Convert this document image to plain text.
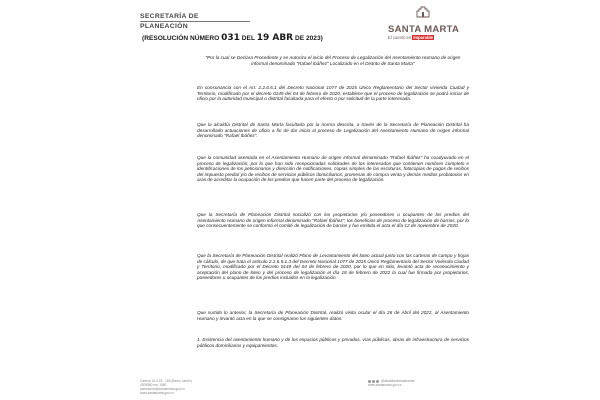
SECRETARÍA DE
PLANEACIÓN	SANTA MARTA
El cuento es Imparable
(RESOLUCIÓN NÚMERO 031 DEL 19 ABR DE 2023)

"Por la cual se Declara Procedente y se Autoriza el inicio del Proceso de Legalización del Asentamiento Humano de origen informal denominado "Rafael Ibáñez" Localizado en el Distrito de Santa Marta"

En consonancia con el Art. 2.2.6.5.1 del Decreto Nacional 1077 de 2015 Único Reglamentario del Sector vivienda Ciudad y Territorio, modificado por el decreto 0149 del 04 de febrero de 2020, establece que el proceso de legalización se podrá iniciar de oficio por la autoridad municipal o distrital facultada para el efecto o por solicitud de la parte interesada.

Que la alcaldía Distrital de Santa Marta facultada por la norma descrita, a través de la Secretaría de Planeación Distrital ha desarrollado actuaciones de oficio a fin de dar inicio al proceso de Legalización del Asentamiento Humano de origen informal denominado "Rafael Ibáñez".

Que la comunidad asentada en el Asentamiento Humano de origen informal denominado "Rafael Ibáñez" ha coadyuvado en el proceso de legalización, por lo que han sido recepcionadas solicitudes de los interesados que contienen nombres completo e identificaciones de los peticionarios y dirección de notificaciones, copias simples de las escrituras, fotocopias de pagos de recibos del impuesto predial y/o de recibos de servicios públicos domiciliarios, promesas de compra venta y demás medios probatorios en aras de acreditar la ocupación de los predios que hacen parte del proceso de legalización.

Que la Secretaría de Planeación Distrital socializó con los propietarios y/o poseedores u ocupantes de los predios del Asentamiento Humano de origen informal denominado "Rafael Ibáñez", los beneficios de proceso de legalización de barrios, por lo que consecuentemente se conformó el comité de legalización de barrios y fue emitida el acta el día 12 de noviembre de 2020.

Que la Secretaría de Planeación Distrital realizó Plano de Levantamiento del loteo actual junto con las carteras de campo y hojas de cálculo, de que trata el artículo 2.2.6.5.1.3 del Decreto Nacional 1077 de 2015 Único Reglamentario del Sector Vivienda Ciudad y Territorio, modificado por el Decreto 0149 del 04 de febrero de 2020, por lo que en sitio, levantó acta de reconocimiento y aceptación del plano de loteo y del proceso de legalización el día 18 de febrero de 2022 la cual fue firmada por propietarios, poseedores u ocupantes de los predios incluidos en la legalización.

Que surtido lo anterior, la Secretaría de Planeación Distrital, realizó visita ocular el día 26 de Abril del 2022, al Asentamiento Humano y levantó acta en la que se consignaron los siguientes datos:

1. Existencia del asentamiento humano y de los espacios públicos y privados, vías públicas, obras de infraestructura de servicios públicos domiciliarios y equipamientos.

Carrera 16 # 15 - 185 (Barrio Jardín)
4209880 ext. 1580
planeacion@santamarta.gov.co
www.santamarta.gov.co
@alcaldiadesantamarta
www.santamarta.gov.co
